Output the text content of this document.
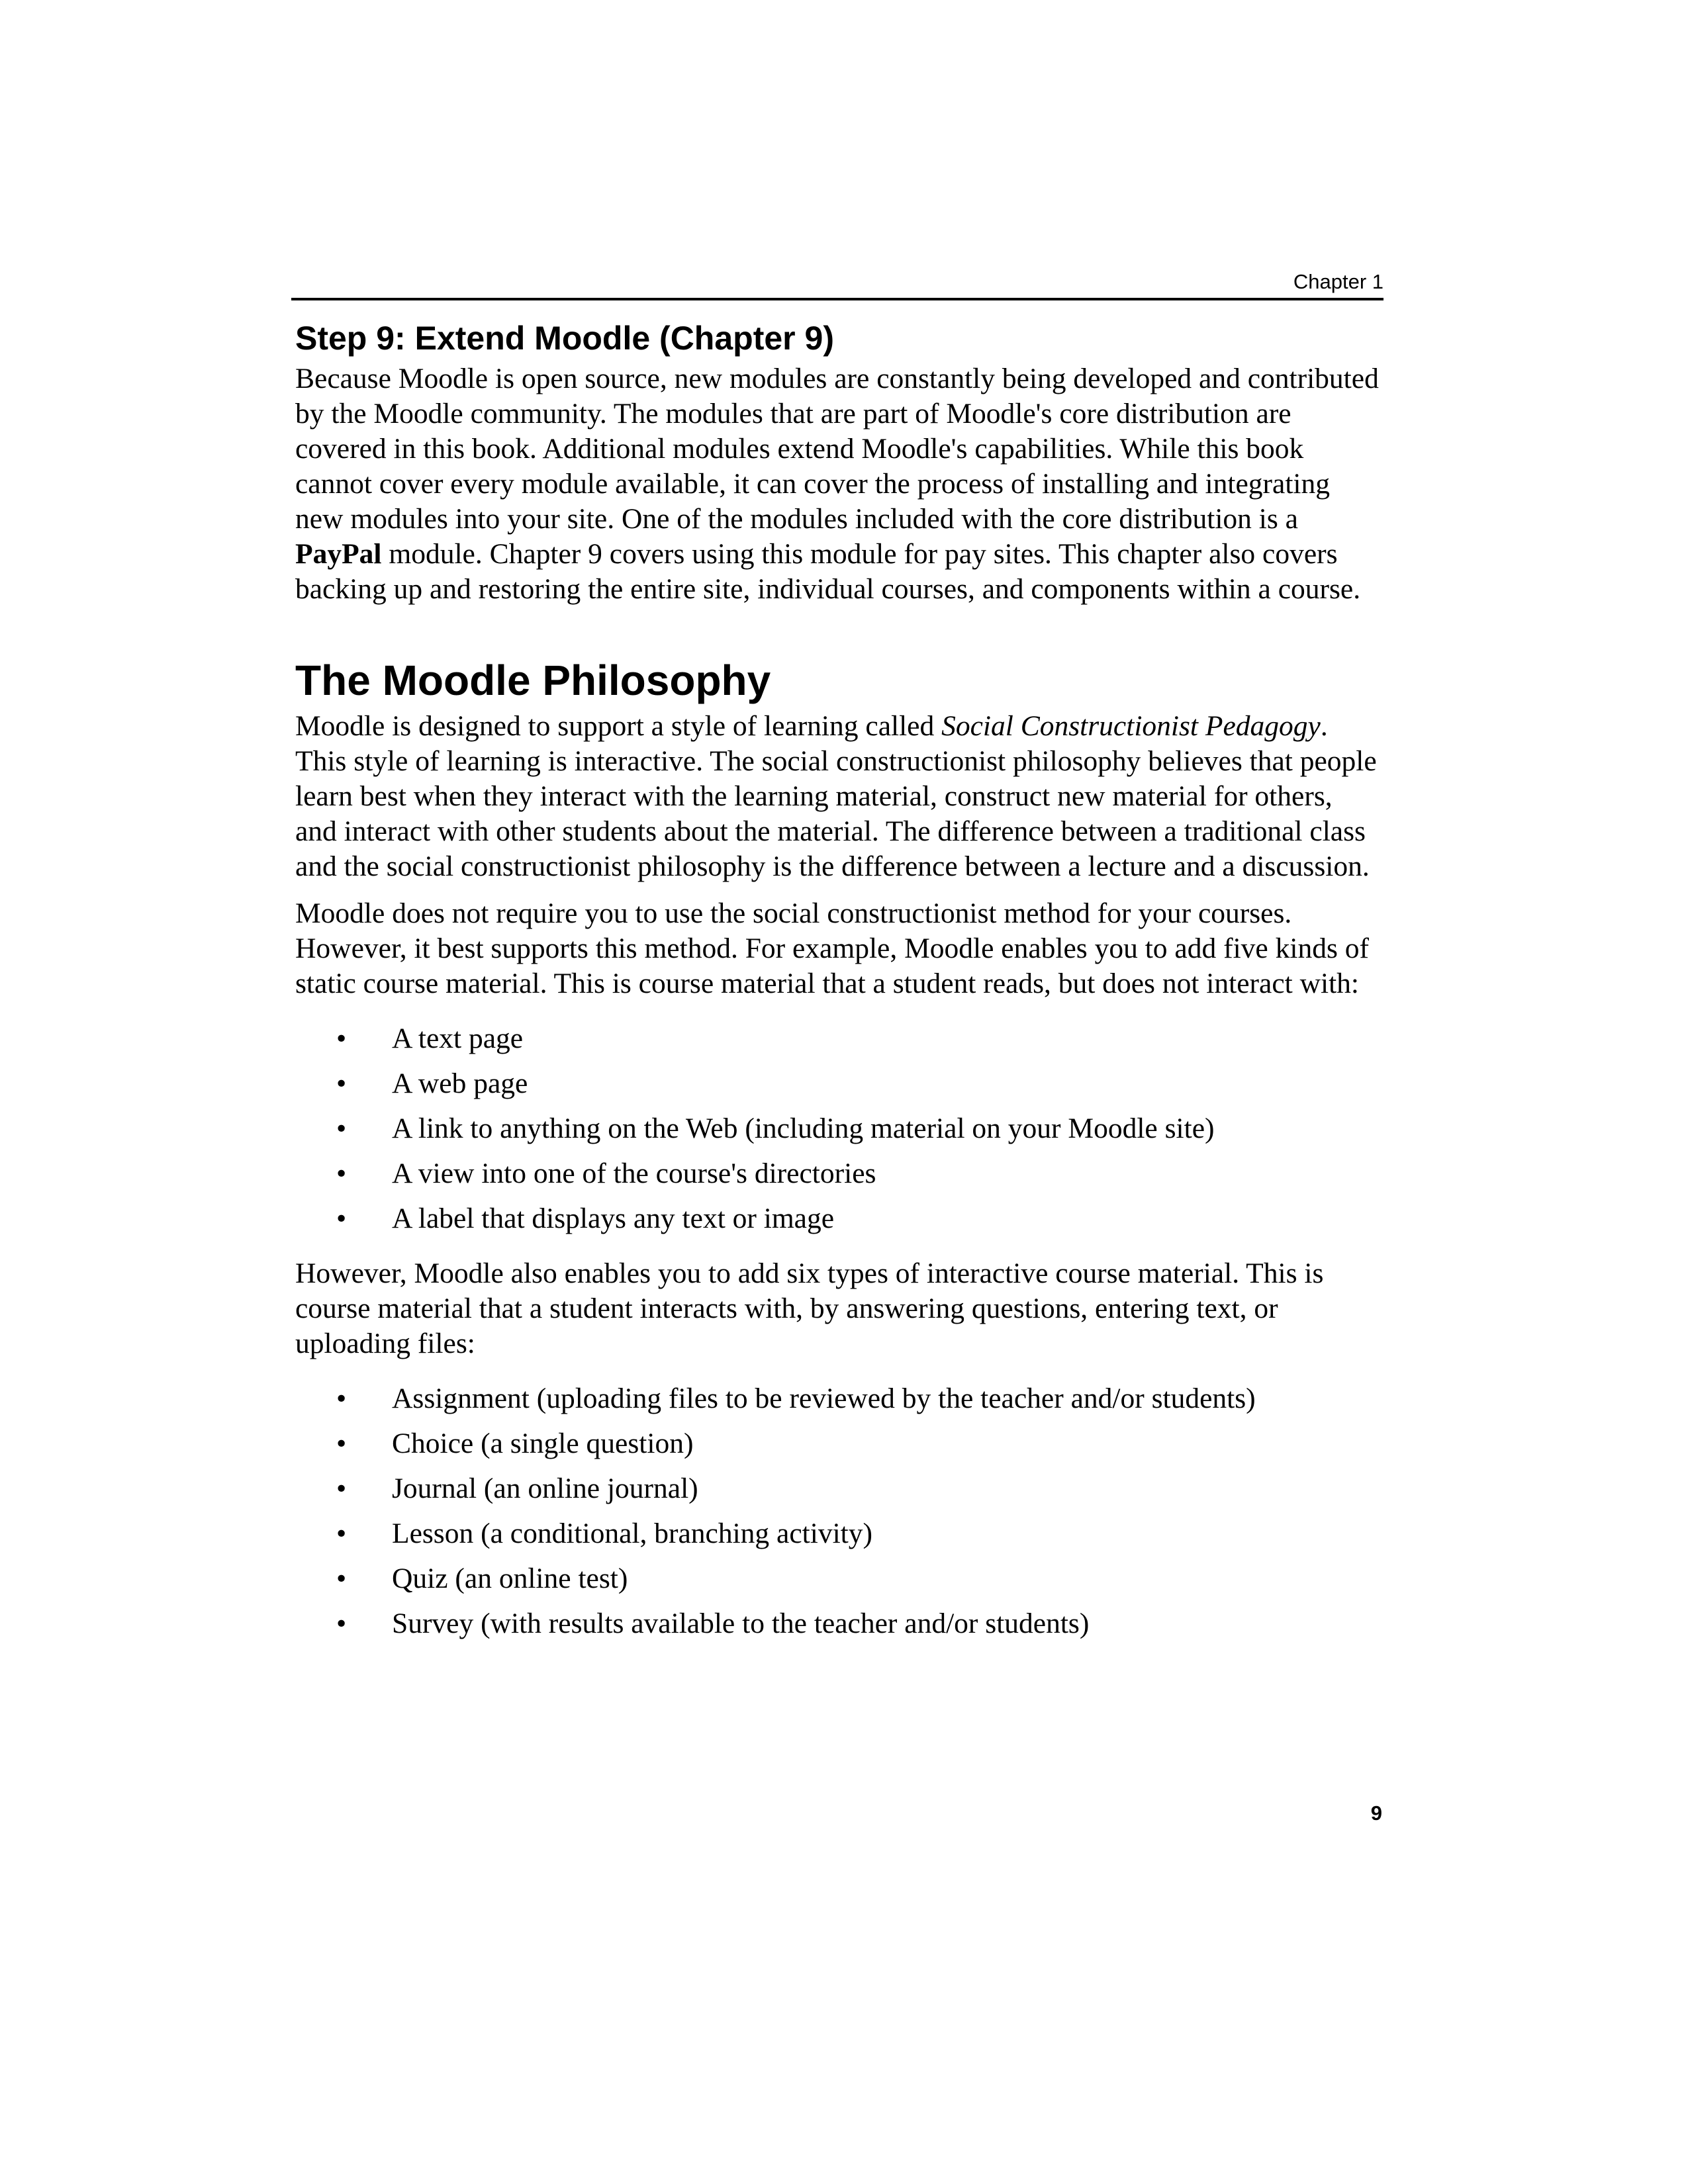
Chapter 1
Step 9: Extend Moodle (Chapter 9)

Because Moodle is open source, new modules are constantly being developed and contributed by the Moodle community. The modules that are part of Moodle's core distribution are covered in this book. Additional modules extend Moodle's capabilities. While this book cannot cover every module available, it can cover the process of installing and integrating new modules into your site. One of the modules included with the core distribution is a PayPal module. Chapter 9 covers using this module for pay sites. This chapter also covers backing up and restoring the entire site, individual courses, and components within a course.

The Moodle Philosophy

Moodle is designed to support a style of learning called Social Constructionist Pedagogy. This style of learning is interactive. The social constructionist philosophy believes that people learn best when they interact with the learning material, construct new material for others, and interact with other students about the material. The difference between a traditional class and the social constructionist philosophy is the difference between a lecture and a discussion.

Moodle does not require you to use the social constructionist method for your courses. However, it best supports this method. For example, Moodle enables you to add five kinds of static course material. This is course material that a student reads, but does not interact with:

• A text page
• A web page
• A link to anything on the Web (including material on your Moodle site)
• A view into one of the course's directories
• A label that displays any text or image

However, Moodle also enables you to add six types of interactive course material. This is course material that a student interacts with, by answering questions, entering text, or uploading files:

• Assignment (uploading files to be reviewed by the teacher and/or students)
• Choice (a single question)
• Journal (an online journal)
• Lesson (a conditional, branching activity)
• Quiz (an online test)
• Survey (with results available to the teacher and/or students)
9
